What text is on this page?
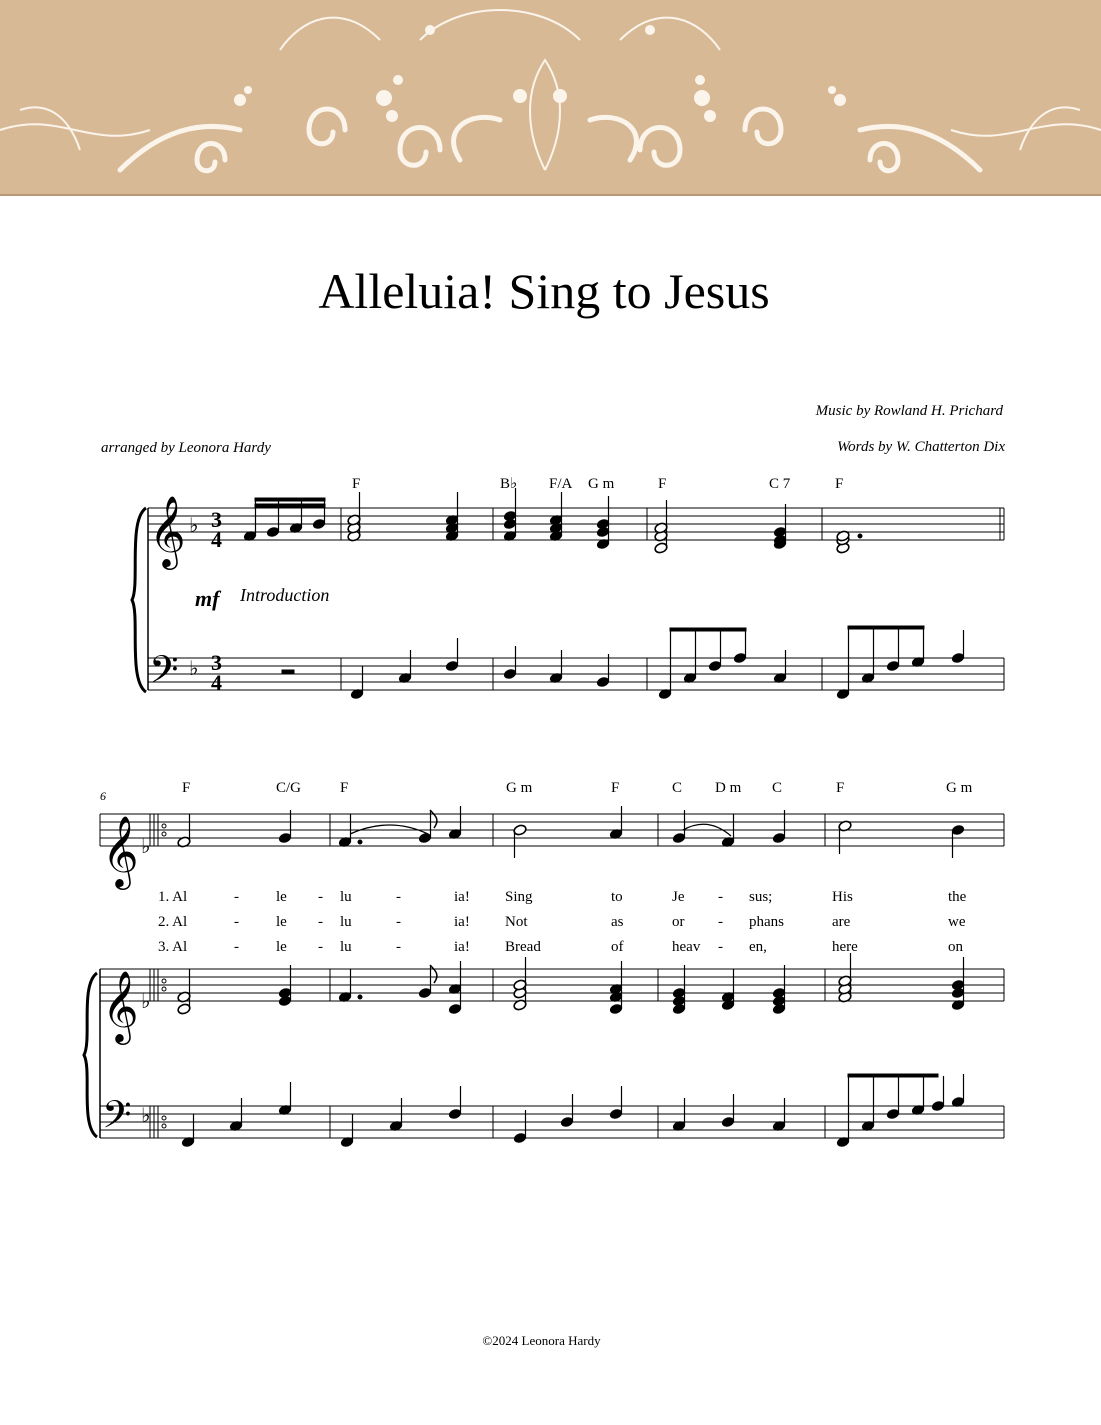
Alleluia! Sing to Jesus
Music by Rowland H. Prichard
Words by W. Chatterton Dix
arranged by Leonora Hardy
𝄞
𝄢
♭
♭
3
4
3
4
F	B♭ F/A G m	F	C 7	F
mf Introduction
6
𝄞
𝄞
𝄢
♭
♭
♭
F	C/G	F	G m	F	C D m C	F	G m
1. Al	- le - lu	-	ia! Sing	to	Je - sus;	His	the
2. Al	- le - lu	-	ia! Not	as	or - phans	are	we
3. Al	- le - lu	-	ia! Bread	of	heav - en,	here	on
©2024 Leonora Hardy
